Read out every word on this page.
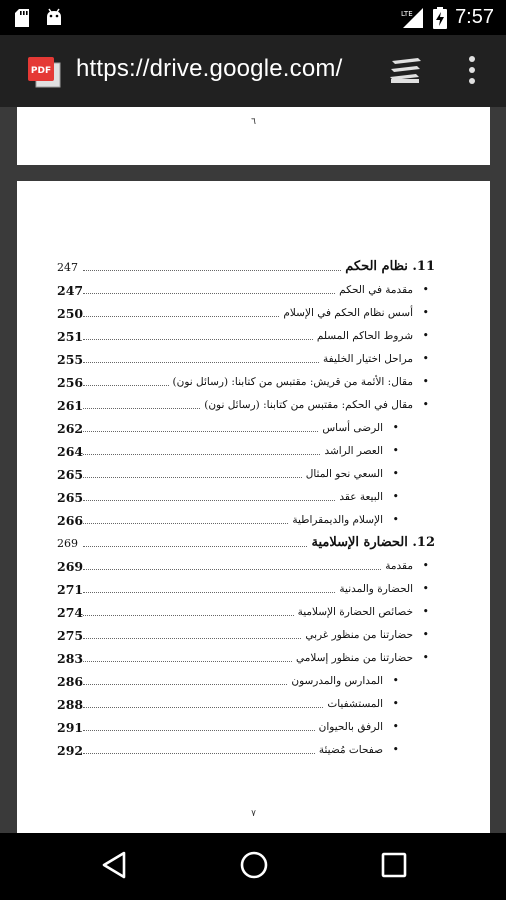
LTE 7:57
PDF https://drive.google.com/
٦
11. نظام الحكم
247
•
مقدمة في الحكم
247
•
أسس نظام الحكم في الإسلام
250
•
شروط الحاكم المسلم
251
•
مراحل اختيار الخليفة
255
•
مقال: الأئمة من قريش: مقتبس من كتابنا: (رسائل نون)
256
•
مقال في الحكم: مقتبس من كتابنا: (رسائل نون)
261
•
الرضى أساس
262
•
العصر الراشد
264
•
السعي نحو المثال
265
•
البيعة عقد
265
•
الإسلام والديمقراطية
266
12. الحضارة الإسلامية
269
•
مقدمة
269
•
الحضارة والمدنية
271
•
خصائص الحضارة الإسلامية
274
•
حضارتنا من منظور غربي
275
•
حضارتنا من منظور إسلامي
283
•
المدارس والمدرسون
286
•
المستشفيات
288
•
الرفق بالحيوان
291
•
صفحات مُضيئة
292
٧
